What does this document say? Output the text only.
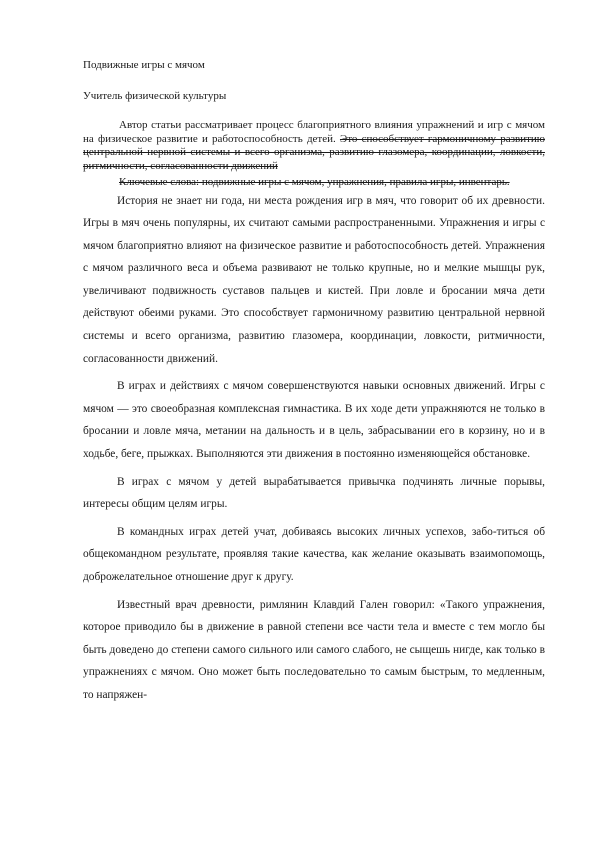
Подвижные игры с мячом

Учитель физической культуры

Автор статьи рассматривает процесс благоприятного влияния упражнений и игр с мячом на физическое развитие и работоспособность детей. Это способствует гармоничному развитию центральной нервной системы и всего организма, развитию глазомера, координации, ловкости, ритмичности, согласованности движений

Ключевые слова: подвижные игры с мячом, упражнения, правила игры, инвентарь.

История не знает ни года, ни места рождения игр в мяч, что говорит об их древности. Игры в мяч очень популярны, их считают самыми распространенными. Упражнения и игры с мячом благоприятно влияют на физическое развитие и работоспособность детей. Упражнения с мячом различного веса и объема развивают не только крупные, но и мелкие мышцы рук, увеличивают подвижность суставов пальцев и кистей. При ловле и бросании мяча дети действуют обеими руками. Это способствует гармоничному развитию центральной нервной системы и всего организма, развитию глазомера, координации, ловкости, ритмичности, согласованности движений.

В играх и действиях с мячом совершенствуются навыки основных движений. Игры с мячом — это своеобразная комплексная гимнастика. В их ходе дети упражняются не только в бросании и ловле мяча, метании на дальность и в цель, забрасывании его в корзину, но и в ходьбе, беге, прыжках. Выполняются эти движения в постоянно изменяющейся обстановке.

В играх с мячом у детей вырабатывается привычка подчинять личные порывы, интересы общим целям игры.

В командных играх детей учат, добиваясь высоких личных успехов, забо-титься об общекомандном результате, проявляя такие качества, как желание оказывать взаимопомощь, доброжелательное отношение друг к другу.

Известный врач древности, римлянин Клавдий Гален говорил: «Такого упражнения, которое приводило бы в движение в равной степени все части тела и вместе с тем могло бы быть доведено до степени самого сильного или самого слабого, не сыщешь нигде, как только в упражнениях с мячом. Оно может быть последовательно то самым быстрым, то медленным, то напряжен-
